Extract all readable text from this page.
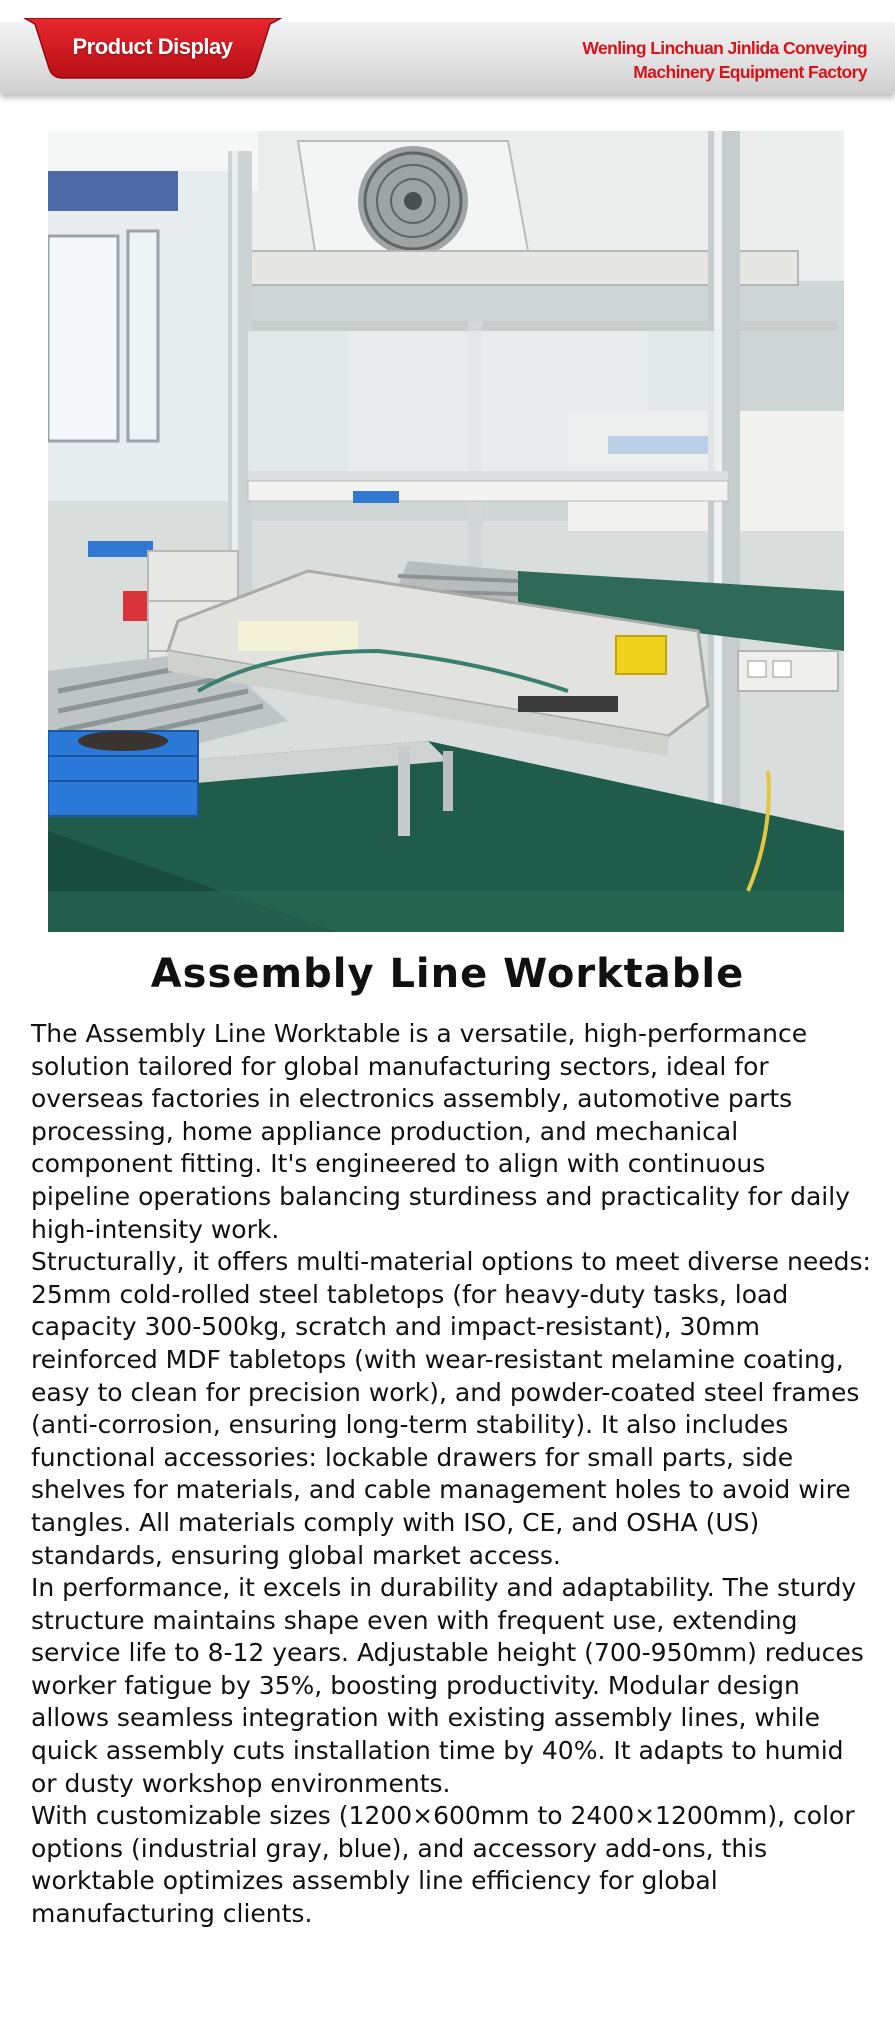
Product Display	Wenling Linchuan Jinlida Conveying
Machinery Equipment Factory
Assembly Line Worktable

The Assembly Line Worktable is a versatile, high-performance solution tailored for global manufacturing sectors, ideal for overseas factories in electronics assembly, automotive parts processing, home appliance production, and mechanical component fitting. It's engineered to align with continuous pipeline operations balancing sturdiness and practicality for daily high-intensity work.

Structurally, it offers multi-material options to meet diverse needs: 25mm cold-rolled steel tabletops (for heavy-duty tasks, load capacity 300-500kg, scratch and impact-resistant), 30mm reinforced MDF tabletops (with wear-resistant melamine coating, easy to clean for precision work), and powder-coated steel frames (anti-corrosion, ensuring long-term stability). It also includes functional accessories: lockable drawers for small parts, side shelves for materials, and cable management holes to avoid wire tangles. All materials comply with ISO, CE, and OSHA (US) standards, ensuring global market access.

In performance, it excels in durability and adaptability. The sturdy structure maintains shape even with frequent use, extending service life to 8-12 years. Adjustable height (700-950mm) reduces worker fatigue by 35%, boosting productivity. Modular design allows seamless integration with existing assembly lines, while quick assembly cuts installation time by 40%. It adapts to humid or dusty workshop environments.

With customizable sizes (1200×600mm to 2400×1200mm), color options (industrial gray, blue), and accessory add-ons, this worktable optimizes assembly line efficiency for global manufacturing clients.
